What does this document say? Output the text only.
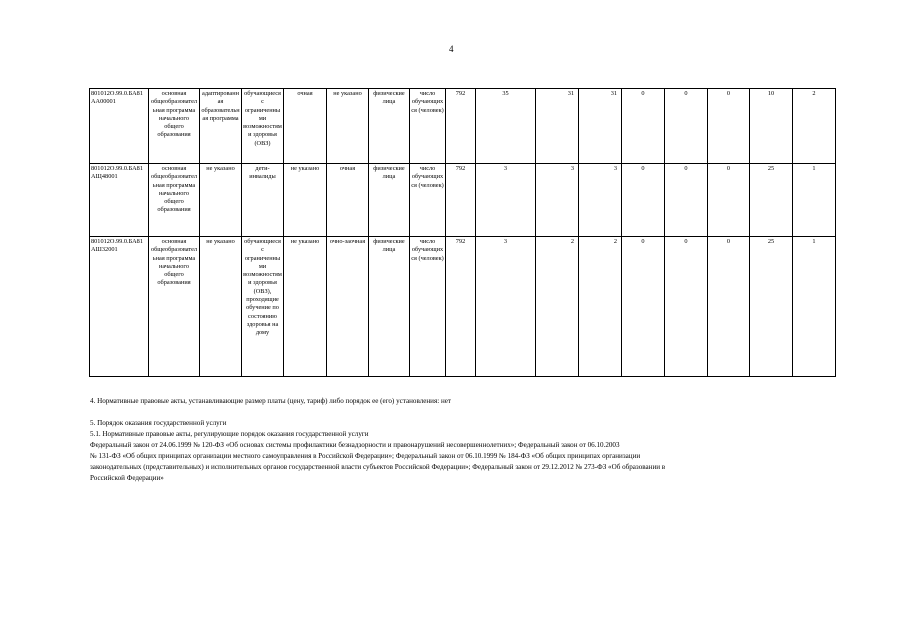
4
801012О.99.0.БА81АА00001	основная общеобразовательная программа начального общего образования	адаптированная образовательная программа	обучающиеся с ограниченными возможностями здоровья (ОВЗ)	очная	не указано	физические лица	число обучающихся (человек)	792	35	31	31	0	0	0	10	2
801012О.99.0.БА81АЩ48001	основная общеобразовательная программа начального общего образования	не указано	дети-инвалиды	не указано	очная	физические лица	число обучающихся (человек)	792	3	3	3	0	0	0	25	1
801012О.99.0.БА81АШ32001	основная общеобразовательная программа начального общего образования	не указано	обучающиеся с ограниченными возможностями здоровья (ОВЗ), проходящие обучение по состоянию здоровья на дому	не указано	очно-заочная	физические лица	число обучающихся (человек)	792	3	2	2	0	0	0	25	1

4. Нормативные правовые акты, устанавливающие размер платы (цену, тариф) либо порядок ее (его) установления: нет

5. Порядок оказания государственной услуги

5.1. Нормативные правовые акты, регулирующие порядок оказания государственной услуги

Федеральный закон от 24.06.1999 № 120-ФЗ «Об основах системы профилактики безнадзорности и правонарушений несовершеннолетних»; Федеральный закон от 06.10.2003

№ 131-ФЗ «Об общих принципах организации местного самоуправления в Российской Федерации»; Федеральный закон от 06.10.1999 № 184-ФЗ «Об общих принципах организации

законодательных (представительных) и исполнительных органов государственной власти субъектов Российской Федерации»; Федеральный закон от 29.12.2012 № 273-ФЗ «Об образовании в

Российской Федерации»
